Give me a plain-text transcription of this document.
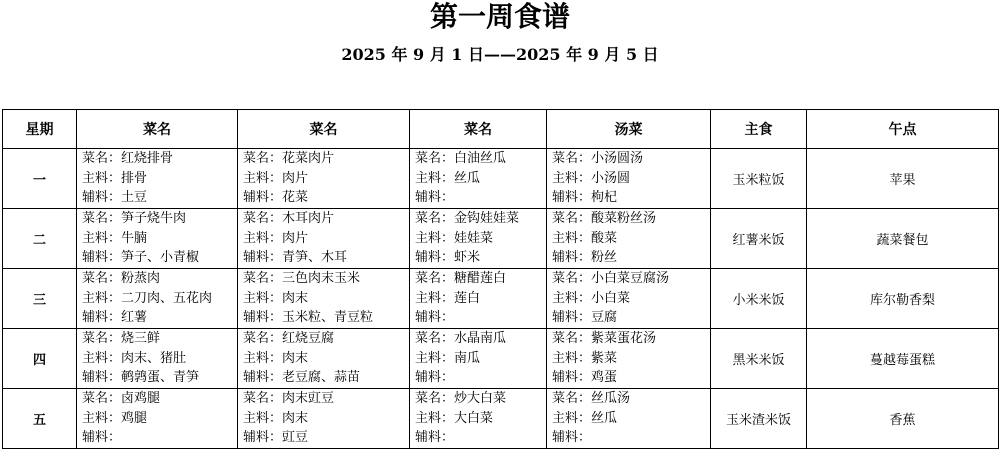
第一周食谱
2025 年 9 月 1 日——2025 年 9 月 5 日
星期	菜名	菜名	菜名	汤菜	主食	午点
一	菜名：红烧排骨
主料：排骨
辅料：土豆	菜名：花菜肉片
主料：肉片
辅料：花菜	菜名：白油丝瓜
主料：丝瓜
辅料：	菜名：小汤圆汤
主料：小汤圆
辅料：枸杞	玉米粒饭	苹果
二	菜名：笋子烧牛肉
主料：牛腩
辅料：笋子、小青椒	菜名：木耳肉片
主料：肉片
辅料：青笋、木耳	菜名：金钩娃娃菜
主料：娃娃菜
辅料：虾米	菜名：酸菜粉丝汤
主料：酸菜
辅料：粉丝	红薯米饭	蔬菜餐包
三	菜名：粉蒸肉
主料：二刀肉、五花肉
辅料：红薯	菜名：三色肉末玉米
主料：肉末
辅料：玉米粒、青豆粒	菜名：糖醋莲白
主料：莲白
辅料：	菜名：小白菜豆腐汤
主料：小白菜
辅料：豆腐	小米米饭	库尔勒香梨
四	菜名：烧三鲜
主料：肉末、猪肚
辅料：鹌鹑蛋、青笋	菜名：红烧豆腐
主料：肉末
辅料：老豆腐、蒜苗	菜名：水晶南瓜
主料：南瓜
辅料：	菜名：紫菜蛋花汤
主料：紫菜
辅料：鸡蛋	黑米米饭	蔓越莓蛋糕
五	菜名：卤鸡腿
主料：鸡腿
辅料：	菜名：肉末豇豆
主料：肉末
辅料：豇豆	菜名：炒大白菜
主料：大白菜
辅料：	菜名：丝瓜汤
主料：丝瓜
辅料：	玉米渣米饭	香蕉
